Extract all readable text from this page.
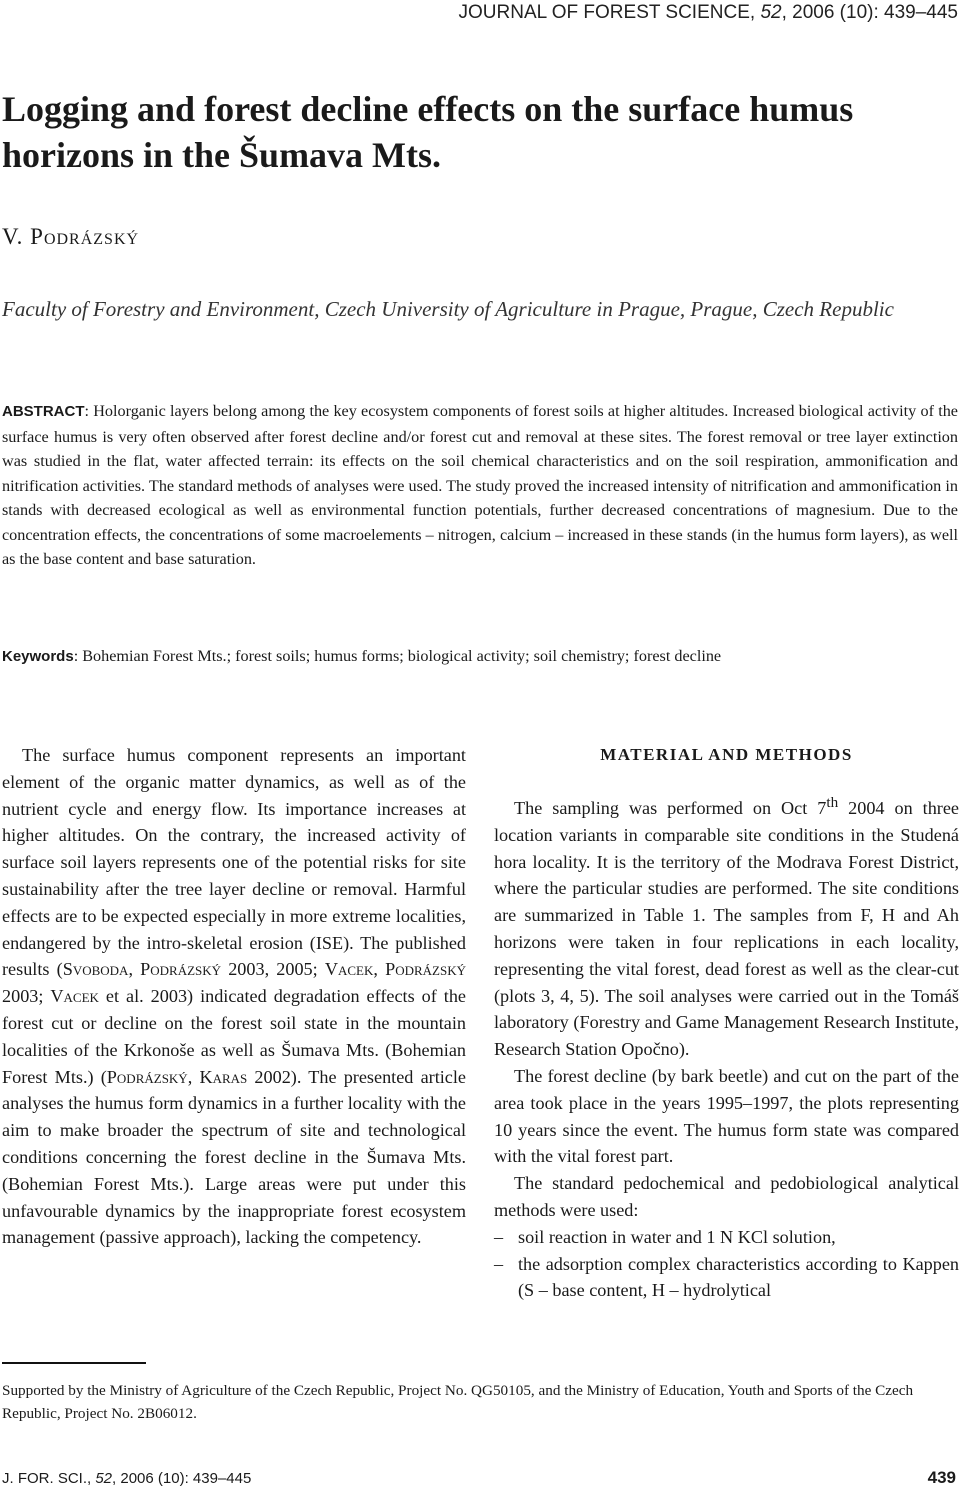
JOURNAL OF FOREST SCIENCE, 52, 2006 (10): 439–445
Logging and forest decline effects on the surface humus horizons in the Šumava Mts.
V. Podrázský
Faculty of Forestry and Environment, Czech University of Agriculture in Prague, Prague, Czech Republic

ABSTRACT: Holorganic layers belong among the key ecosystem components of forest soils at higher altitudes. Increased biological activity of the surface humus is very often observed after forest decline and/or forest cut and removal at these sites. The forest removal or tree layer extinction was studied in the flat, water affected terrain: its effects on the soil chemical characteristics and on the soil respiration, ammonification and nitrification activities. The standard methods of analyses were used. The study proved the increased intensity of nitrification and ammonification in stands with decreased ecological as well as environmental function potentials, further decreased concentrations of magnesium. Due to the concentration effects, the concentrations of some macroelements – nitrogen, calcium – increased in these stands (in the humus form layers), as well as the base content and base saturation.

Keywords: Bohemian Forest Mts.; forest soils; humus forms; biological activity; soil chemistry; forest decline

The surface humus component represents an important element of the organic matter dynamics, as well as of the nutrient cycle and energy flow. Its importance increases at higher altitudes. On the contrary, the increased activity of surface soil layers represents one of the potential risks for site sustainability after the tree layer decline or removal. Harmful effects are to be expected especially in more extreme localities, endangered by the intro-skeletal erosion (ISE). The published results (Svoboda, Podrázský 2003, 2005; Vacek, Podrázský 2003; Vacek et al. 2003) indicated degradation effects of the forest cut or decline on the forest soil state in the mountain localities of the Krkonoše as well as Šumava Mts. (Bohemian Forest Mts.) (Podrázský, Karas 2002). The presented article analyses the humus form dynamics in a further locality with the aim to make broader the spectrum of site and technological conditions concerning the forest decline in the Šumava Mts. (Bohemian Forest Mts.). Large areas were put under this unfavourable dynamics by the inappropriate forest ecosystem management (passive approach), lacking the competency.

MATERIAL AND METHODS

The sampling was performed on Oct 7th 2004 on three location variants in comparable site conditions in the Studená hora locality. It is the territory of the Modrava Forest District, where the particular studies are performed. The site conditions are summarized in Table 1. The samples from F, H and Ah horizons were taken in four replications in each locality, representing the vital forest, dead forest as well as the clear-cut (plots 3, 4, 5). The soil analyses were carried out in the Tomáš laboratory (Forestry and Game Management Research Institute, Research Station Opočno).

The forest decline (by bark beetle) and cut on the part of the area took place in the years 1995–1997, the plots representing 10 years since the event. The humus form state was compared with the vital forest part.

The standard pedochemical and pedobiological analytical methods were used:

– soil reaction in water and 1 N KCl solution,
– the adsorption complex characteristics according to Kappen (S – base content, H – hydrolytical

Supported by the Ministry of Agriculture of the Czech Republic, Project No. QG50105, and the Ministry of Education, Youth and Sports of the Czech Republic, Project No. 2B06012.

J. FOR. SCI., 52, 2006 (10): 439–445	439
